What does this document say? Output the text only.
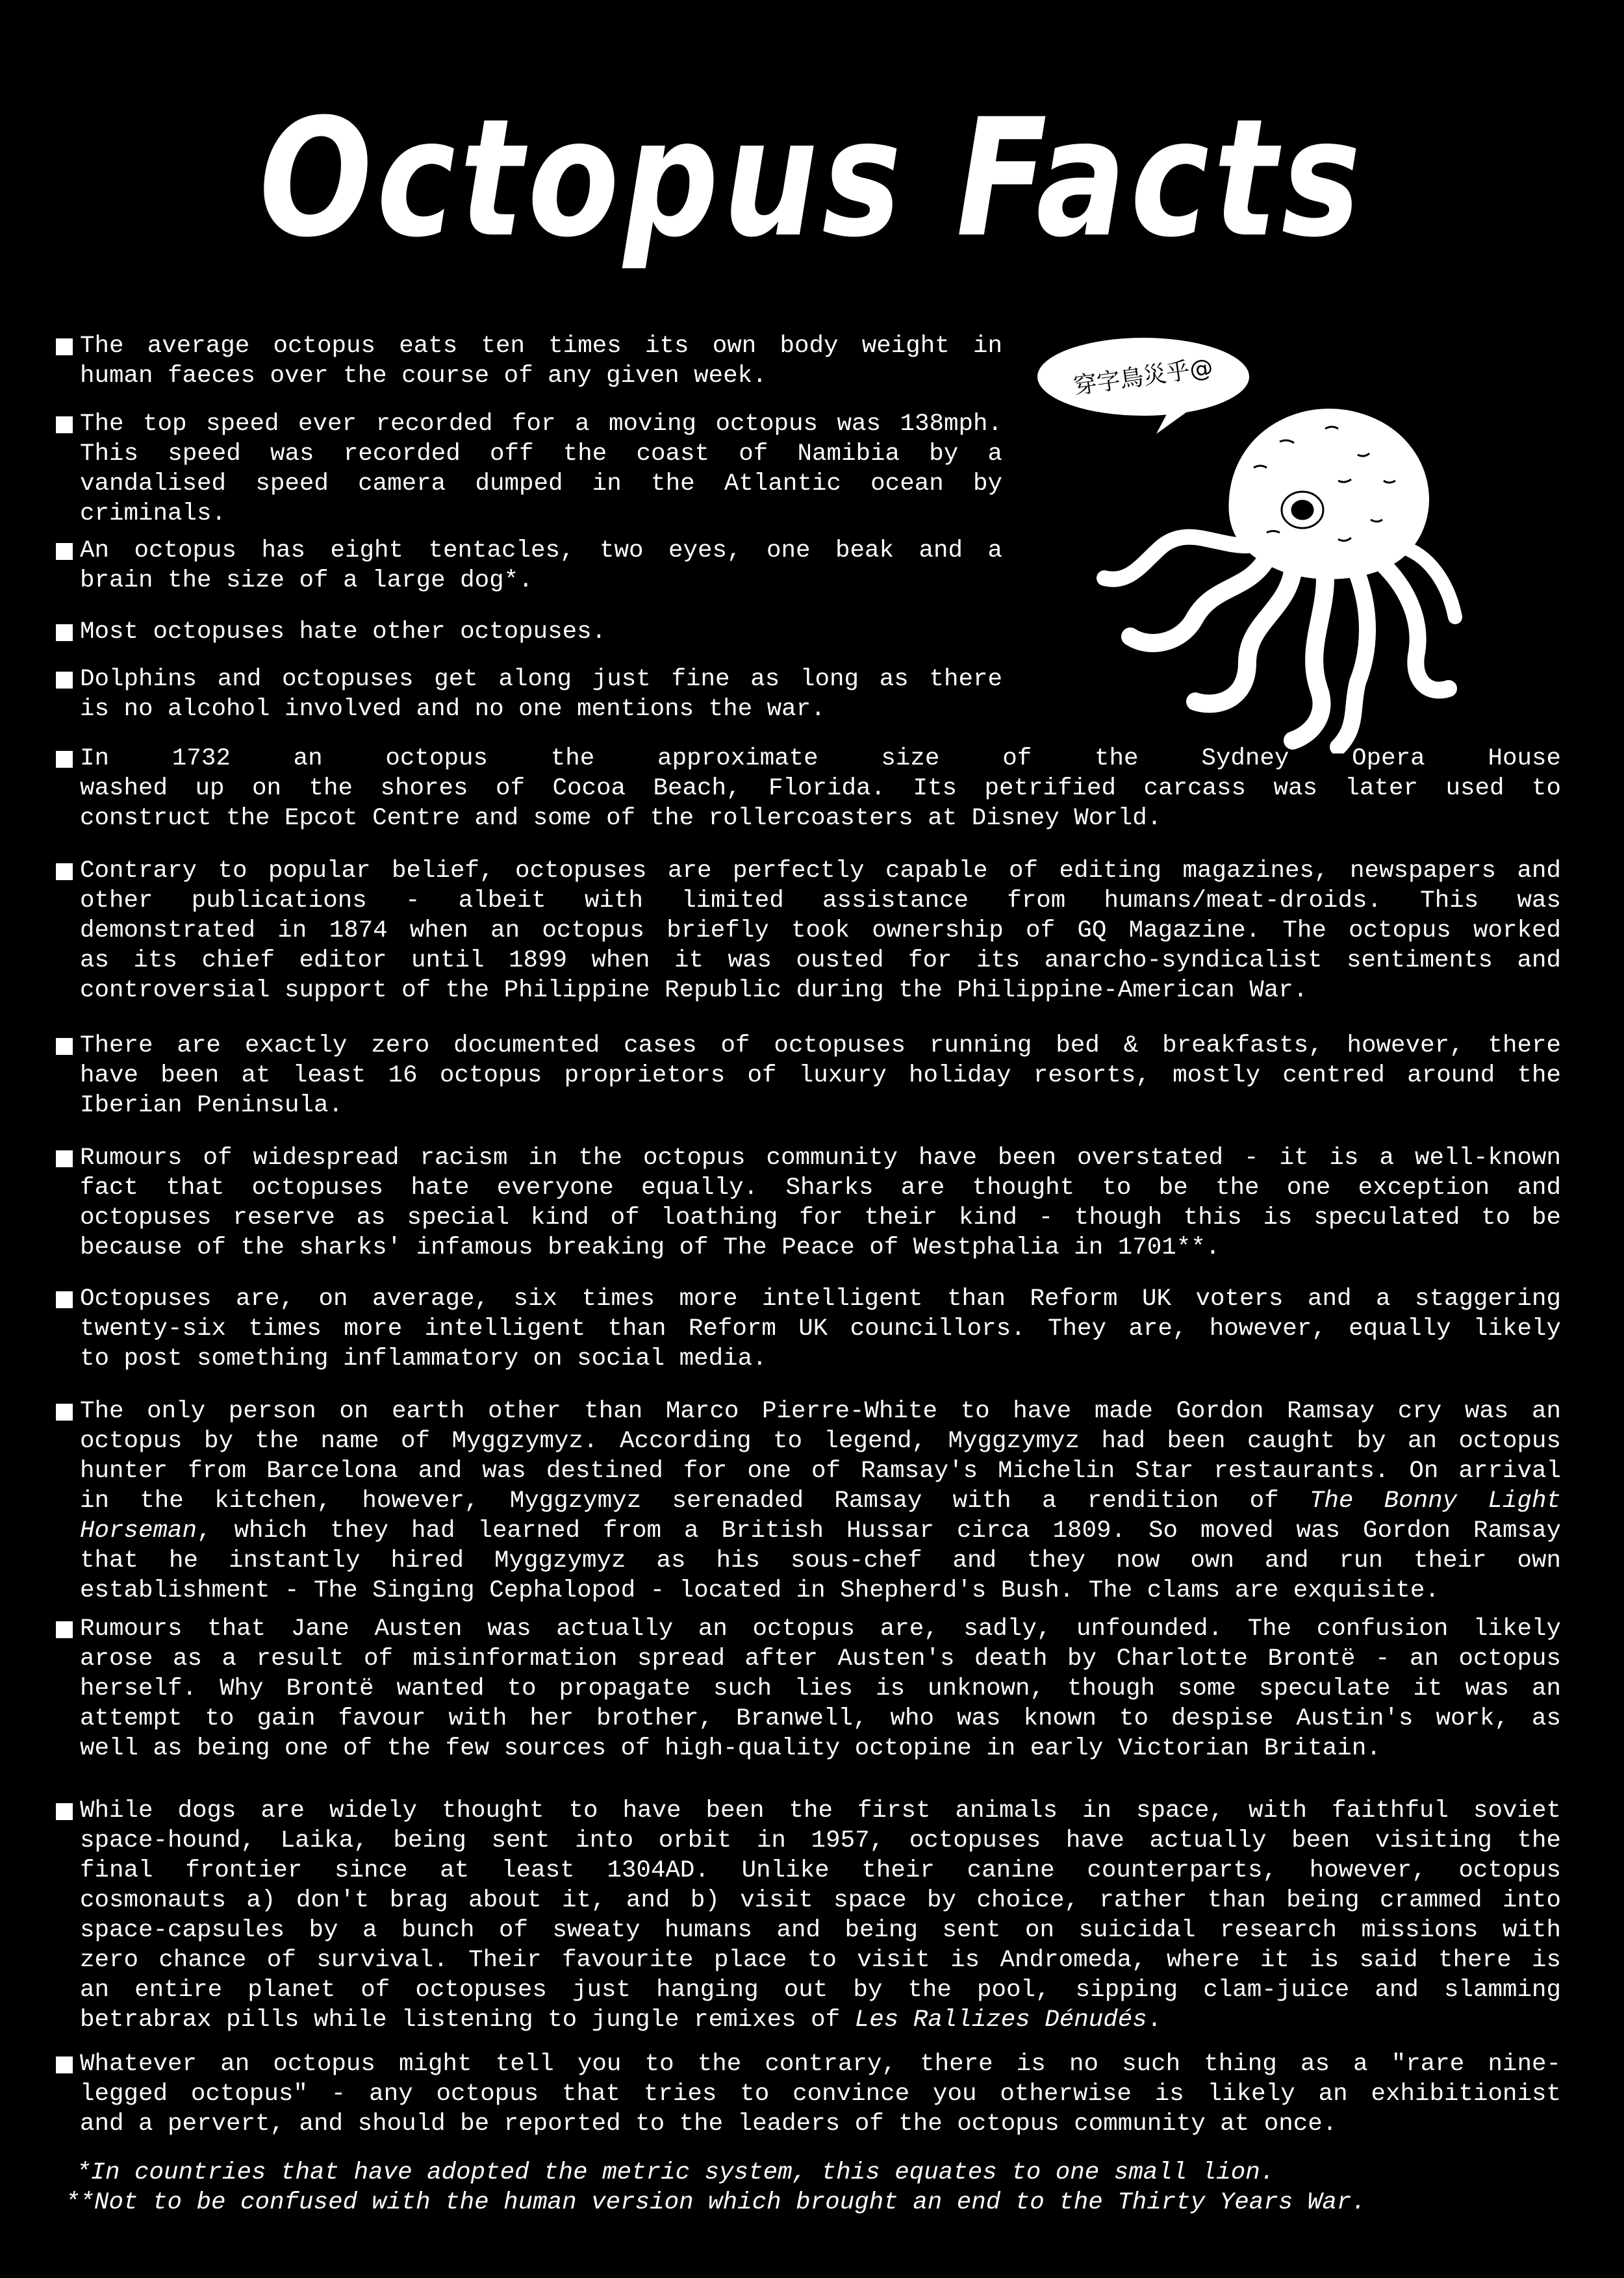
Octopus Facts
穿字鳥災乎@

The average octopus eats ten times its own body weight in

human faeces over the course of any given week.

The top speed ever recorded for a moving octopus was 138mph.

This speed was recorded off the coast of Namibia by a

vandalised speed camera dumped in the Atlantic ocean by

criminals.

An octopus has eight tentacles, two eyes, one beak and a

brain the size of a large dog*.

Most octopuses hate other octopuses.

Dolphins and octopuses get along just fine as long as there

is no alcohol involved and no one mentions the war.

In 1732 an octopus the approximate size of the Sydney Opera House

washed up on the shores of Cocoa Beach, Florida. Its petrified carcass was later used to

construct the Epcot Centre and some of the rollercoasters at Disney World.

Contrary to popular belief, octopuses are perfectly capable of editing magazines, newspapers and

other publications - albeit with limited assistance from humans/meat-droids. This was

demonstrated in 1874 when an octopus briefly took ownership of GQ Magazine. The octopus worked

as its chief editor until 1899 when it was ousted for its anarcho-syndicalist sentiments and

controversial support of the Philippine Republic during the Philippine-American War.

There are exactly zero documented cases of octopuses running bed & breakfasts, however, there

have been at least 16 octopus proprietors of luxury holiday resorts, mostly centred around the

Iberian Peninsula.

Rumours of widespread racism in the octopus community have been overstated - it is a well-known

fact that octopuses hate everyone equally. Sharks are thought to be the one exception and

octopuses reserve as special kind of loathing for their kind - though this is speculated to be

because of the sharks' infamous breaking of The Peace of Westphalia in 1701**.

Octopuses are, on average, six times more intelligent than Reform UK voters and a staggering

twenty-six times more intelligent than Reform UK councillors. They are, however, equally likely

to post something inflammatory on social media.

The only person on earth other than Marco Pierre-White to have made Gordon Ramsay cry was an

octopus by the name of Myggzymyz. According to legend, Myggzymyz had been caught by an octopus

hunter from Barcelona and was destined for one of Ramsay's Michelin Star restaurants. On arrival

in the kitchen, however, Myggzymyz serenaded Ramsay with a rendition of The Bonny Light

Horseman, which they had learned from a British Hussar circa 1809. So moved was Gordon Ramsay

that he instantly hired Myggzymyz as his sous-chef and they now own and run their own

establishment - The Singing Cephalopod - located in Shepherd's Bush. The clams are exquisite.

Rumours that Jane Austen was actually an octopus are, sadly, unfounded. The confusion likely

arose as a result of misinformation spread after Austen's death by Charlotte Brontë - an octopus

herself. Why Brontë wanted to propagate such lies is unknown, though some speculate it was an

attempt to gain favour with her brother, Branwell, who was known to despise Austin's work, as

well as being one of the few sources of high-quality octopine in early Victorian Britain.

While dogs are widely thought to have been the first animals in space, with faithful soviet

space-hound, Laika, being sent into orbit in 1957, octopuses have actually been visiting the

final frontier since at least 1304AD. Unlike their canine counterparts, however, octopus

cosmonauts a) don't brag about it, and b) visit space by choice, rather than being crammed into

space-capsules by a bunch of sweaty humans and being sent on suicidal research missions with

zero chance of survival. Their favourite place to visit is Andromeda, where it is said there is

an entire planet of octopuses just hanging out by the pool, sipping clam-juice and slamming

betrabrax pills while listening to jungle remixes of Les Rallizes Dénudés.

Whatever an octopus might tell you to the contrary, there is no such thing as a "rare nine-

legged octopus" - any octopus that tries to convince you otherwise is likely an exhibitionist

and a pervert, and should be reported to the leaders of the octopus community at once.

*In countries that have adopted the metric system, this equates to one small lion.
**Not to be confused with the human version which brought an end to the Thirty Years War.
